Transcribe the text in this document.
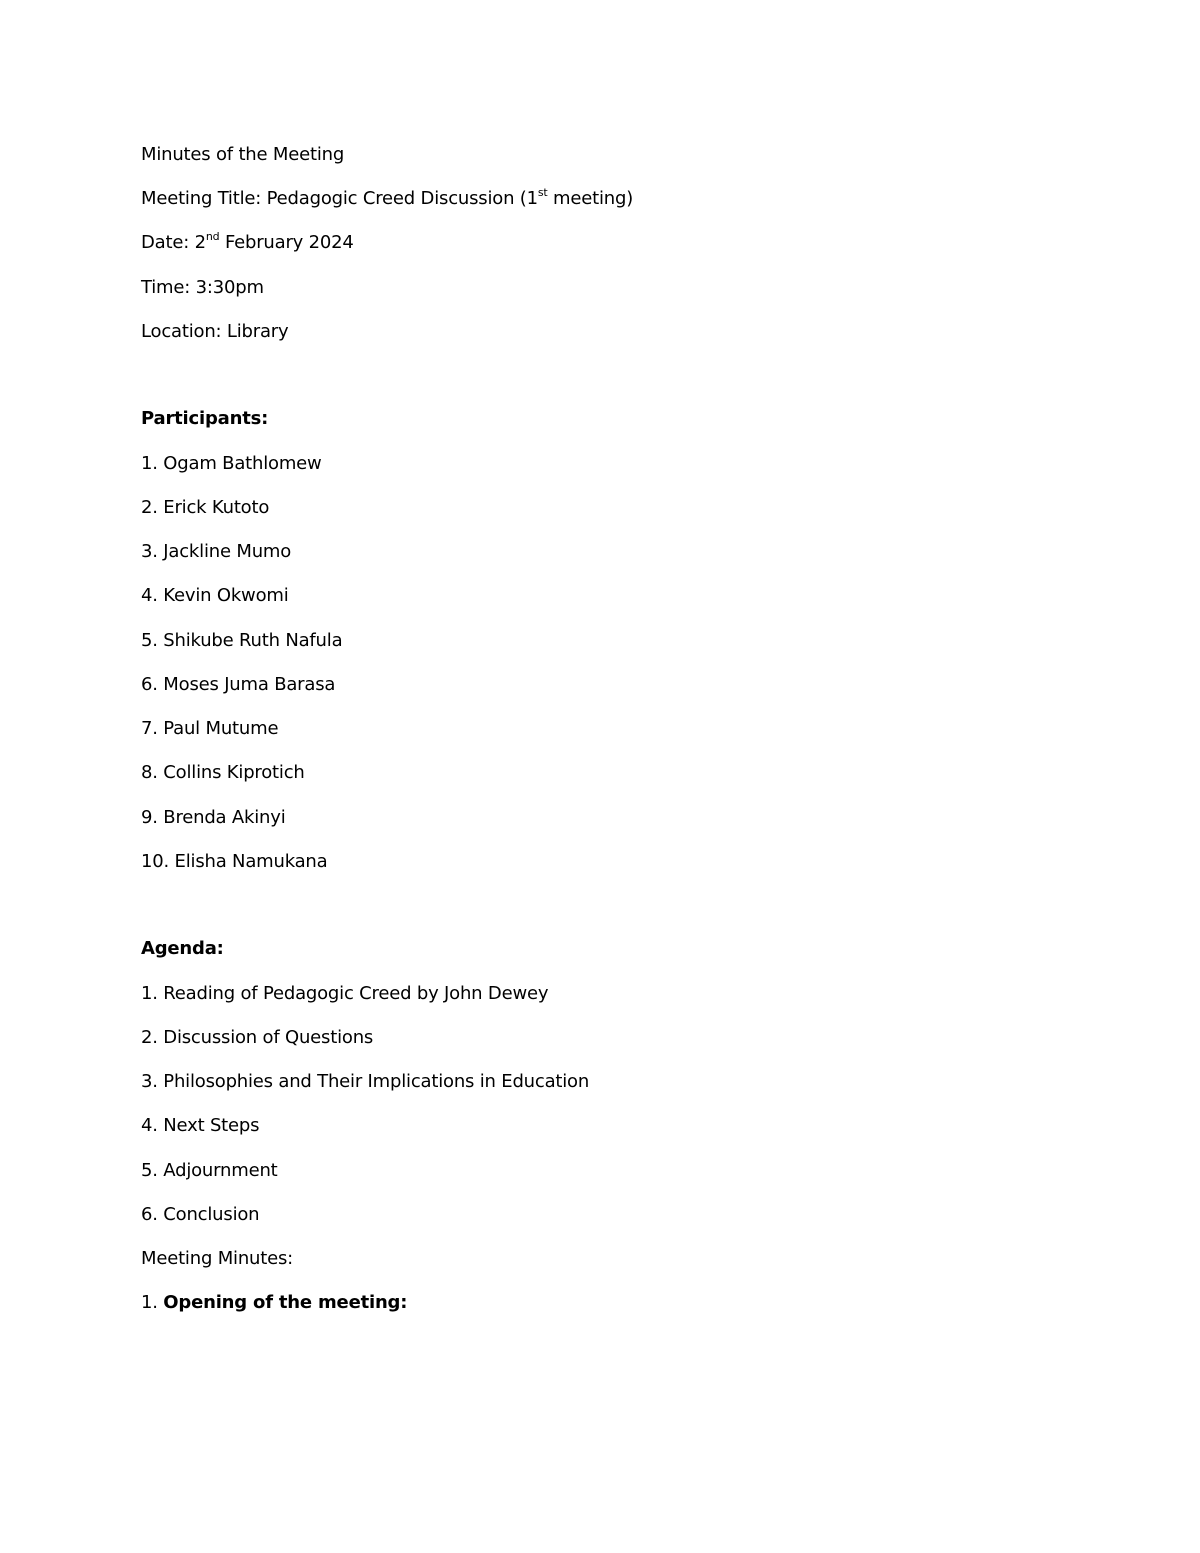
Minutes of the Meeting
Meeting Title: Pedagogic Creed Discussion (1st meeting)
Date: 2nd February 2024
Time: 3:30pm
Location: Library
Participants:
1. Ogam Bathlomew
2. Erick Kutoto
3. Jackline Mumo
4. Kevin Okwomi
5. Shikube Ruth Nafula
6. Moses Juma Barasa
7. Paul Mutume
8. Collins Kiprotich
9. Brenda Akinyi
10. Elisha Namukana
Agenda:
1. Reading of Pedagogic Creed by John Dewey
2. Discussion of Questions
3. Philosophies and Their Implications in Education
4. Next Steps
5. Adjournment
6. Conclusion
Meeting Minutes:
1. Opening of the meeting:
